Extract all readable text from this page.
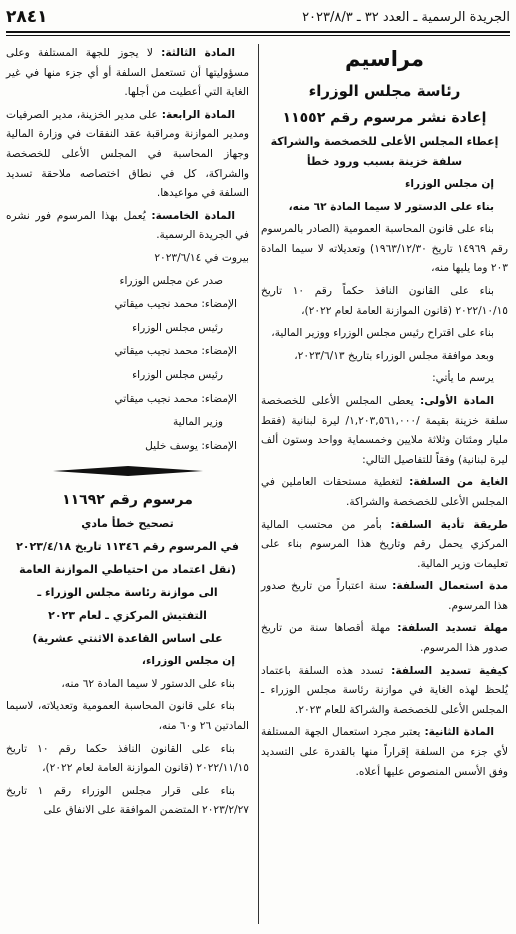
الجريدة الرسمية ـ العدد ٣٢ ـ ٢٠٢٣/٨/٣
٢٨٤١
مراسيم
رئاسة مجلس الوزراء
إعادة نشر مرسوم رقم ١١٥٥٢

إعطاء المجلس الأعلى للخصخصة والشراكة سلفة خزينة بسبب ورود خطأ

إن مجلس الوزراء

بناء على الدستور لا سيما المادة ٦٢ منه،

بناء على قانون المحاسبة العمومية (الصادر بالمرسوم رقم ١٤٩٦٩ تاريخ ١٩٦٣/١٢/٣٠) وتعديلاته لا سيما المادة ٢٠٣ وما يليها منه،

بناء على القانون النافذ حكماً رقم ١٠ تاريخ ٢٠٢٢/١٠/١٥ (قانون الموازنة العامة لعام ٢٠٢٢)،

بناء على اقتراح رئيس مجلس الوزراء ووزير المالية،

وبعد موافقة مجلس الوزراء بتاريخ ٢٠٢٣/٦/١٣،

يرسم ما يأتي:

المادة الأولى: يعطى المجلس الأعلى للخصخصة سلفة خزينة بقيمة /١,٢٠٣,٥٦١,٠٠٠/ ليرة لبنانية (فقط مليار ومئتان وثلاثة ملايين وخمسماية وواحد وستون ألف ليرة لبنانية) وفقاً للتفاصيل التالي:

الغاية من السلفة: لتغطية مستحقات العاملين في المجلس الأعلى للخصخصة والشراكة.

طريقة تأدية السلفة: بأمر من محتسب المالية المركزي يحمل رقم وتاريخ هذا المرسوم بناء على تعليمات وزير المالية.

مدة استعمال السلفة: سنة اعتباراً من تاريخ صدور هذا المرسوم.

مهلة تسديد السلفة: مهلة أقصاها سنة من تاريخ صدور هذا المرسوم.

كيفية تسديد السلفة: تسدد هذه السلفة باعتماد يُلحظ لهذه الغاية في موازنة رئاسة مجلس الوزراء ـ المجلس الأعلى للخصخصة والشراكة للعام ٢٠٢٣.

المادة الثانية: يعتبر مجرد استعمال الجهة المستلفة لأي جزء من السلفة إقراراً منها بالقدرة على التسديد وفق الأسس المنصوص عليها أعلاه.

المادة الثالثة: لا يجوز للجهة المستلفة وعلى مسؤوليتها أن تستعمل السلفة أو أي جزء منها في غير الغاية التي أعطيت من أجلها.

المادة الرابعة: على مدير الخزينة، مدير الصرفيات ومدير الموازنة ومراقبة عقد النفقات في وزارة المالية وجهاز المحاسبة في المجلس الأعلى للخصخصة والشراكة، كل في نطاق اختصاصه ملاحقة تسديد السلفة في مواعيدها.

المادة الخامسة: يُعمل بهذا المرسوم فور نشره في الجريدة الرسمية.

بيروت في ٢٠٢٣/٦/١٤

صدر عن مجلس الوزراء

الإمضاء: محمد نجيب ميقاتي

رئيس مجلس الوزراء

الإمضاء: محمد نجيب ميقاتي

رئيس مجلس الوزراء

الإمضاء: محمد نجيب ميقاتي

وزير المالية

الإمضاء: يوسف خليل

مرسوم رقم ١١٦٩٢

تصحيح خطأ مادي

في المرسوم رقم ١١٣٤٦ تاريخ ٢٠٢٣/٤/١٨

(نقل اعتماد من احتياطي الموازنة العامة

الى موازنة رئاسة مجلس الوزراء ـ

التفتيش المركزي ـ لعام ٢٠٢٣

على اساس القاعدة الاثنتي عشرية)

إن مجلس الوزراء،

بناء على الدستور لا سيما المادة ٦٢ منه،

بناء على قانون المحاسبة العمومية وتعديلاته، لاسيما المادتين ٢٦ و٦٠ منه،

بناء على القانون النافذ حكما رقم ١٠ تاريخ ٢٠٢٢/١١/١٥ (قانون الموازنة العامة لعام ٢٠٢٢)،

بناء على قرار مجلس الوزراء رقم ١ تاريخ ٢٠٢٣/٢/٢٧ المتضمن الموافقة على الانفاق على
